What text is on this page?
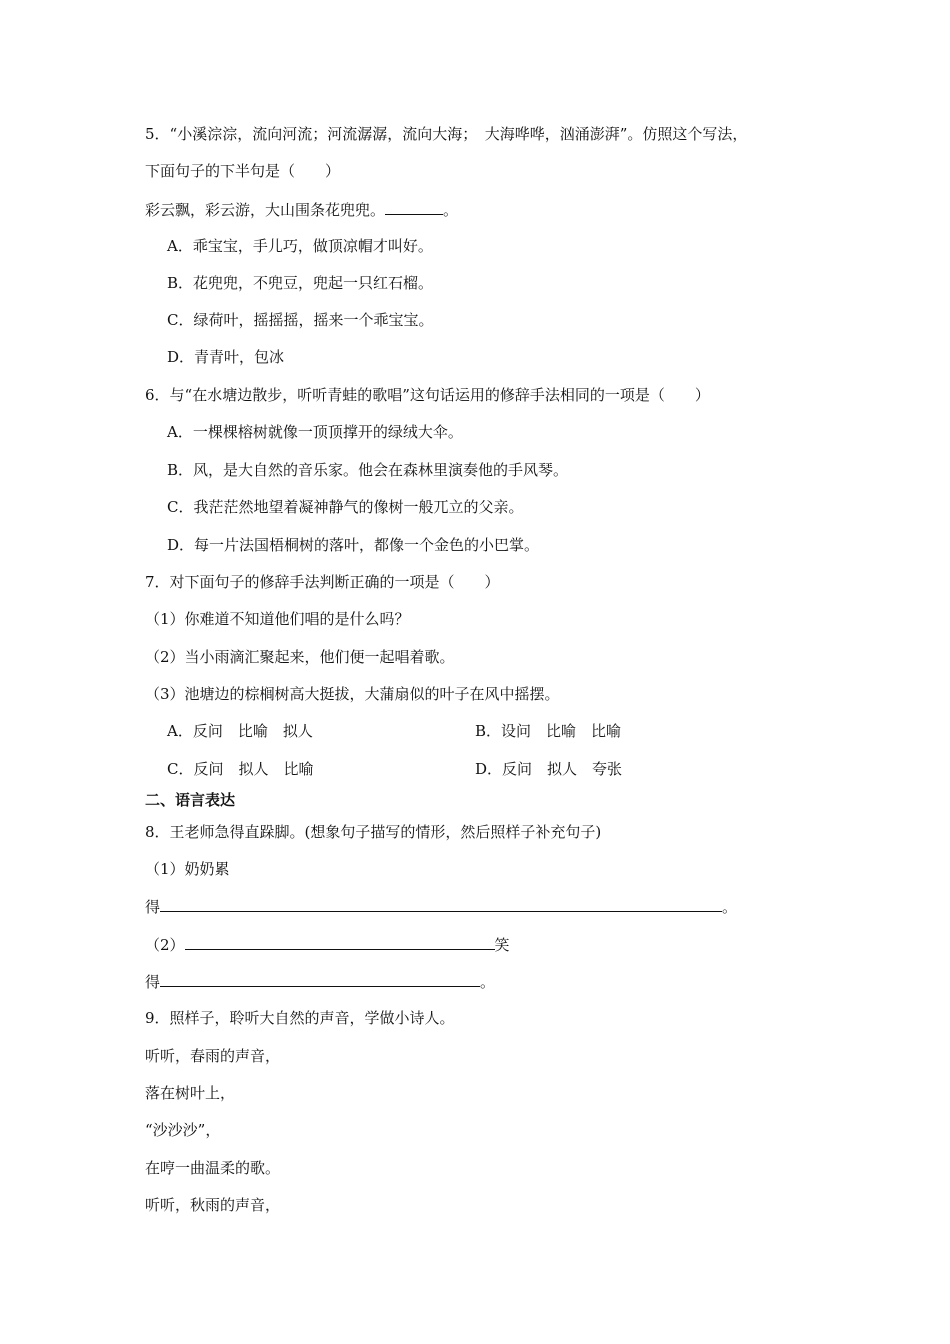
5．“小溪淙淙，流向河流；河流潺潺，流向大海；　大海哗哗，汹涌澎湃”。仿照这个写法，
下面句子的下半句是（　　）
彩云飘，彩云游，大山围条花兜兜。	。
A．乖宝宝，手儿巧，做顶凉帽才叫好。
B．花兜兜，不兜豆，兜起一只红石榴。
C．绿荷叶，摇摇摇，摇来一个乖宝宝。
D．青青叶，包冰
6．与“在水塘边散步，听听青蛙的歌唱”这句话运用的修辞手法相同的一项是（　　）
A．一棵棵榕树就像一顶顶撑开的绿绒大伞。
B．风，是大自然的音乐家。他会在森林里演奏他的手风琴。
C．我茫茫然地望着凝神静气的像树一般兀立的父亲。
D．每一片法国梧桐树的落叶，都像一个金色的小巴掌。
7．对下面句子的修辞手法判断正确的一项是（　　）
（1）你难道不知道他们唱的是什么吗？
（2）当小雨滴汇聚起来，他们便一起唱着歌。
（3）池塘边的棕榈树高大挺拔，大蒲扇似的叶子在风中摇摆。
A．反问　比喻　拟人	B．设问　比喻　比喻
C．反问　拟人　比喻	D．反问　拟人　夸张
二、语言表达
8．王老师急得直跺脚。(想象句子描写的情形，然后照样子补充句子)
（1）奶奶累
得	。
（2）	笑
得	。
9．照样子，聆听大自然的声音，学做小诗人。
听听，春雨的声音，
落在树叶上，
“沙沙沙”，
在哼一曲温柔的歌。
听听，秋雨的声音，
